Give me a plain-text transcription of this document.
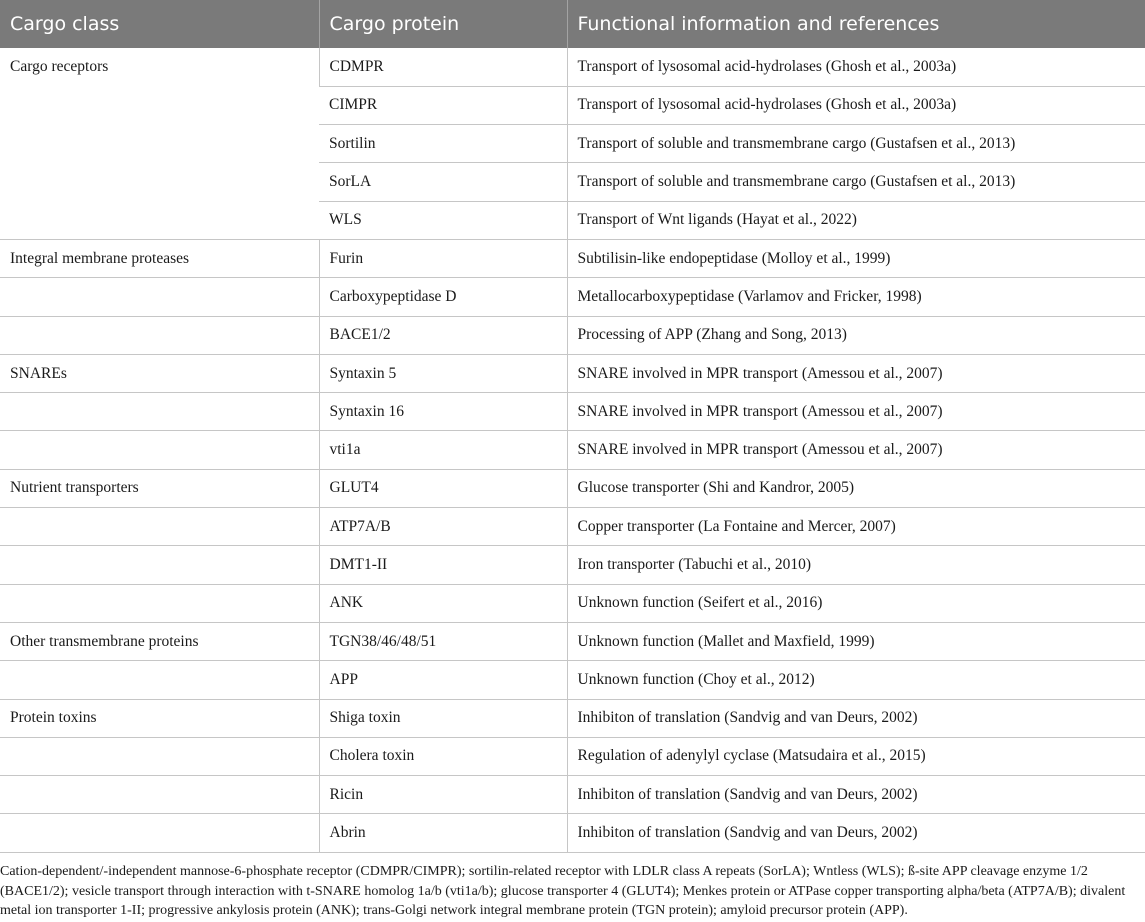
Cargo class	Cargo protein	Functional information and references
Cargo receptors	CDMPR	Transport of lysosomal acid-hydrolases (Ghosh et al., 2003a)
	CIMPR	Transport of lysosomal acid-hydrolases (Ghosh et al., 2003a)
	Sortilin	Transport of soluble and transmembrane cargo (Gustafsen et al., 2013)
	SorLA	Transport of soluble and transmembrane cargo (Gustafsen et al., 2013)
	WLS	Transport of Wnt ligands (Hayat et al., 2022)
Integral membrane proteases	Furin	Subtilisin-like endopeptidase (Molloy et al., 1999)
	Carboxypeptidase D	Metallocarboxypeptidase (Varlamov and Fricker, 1998)
	BACE1/2	Processing of APP (Zhang and Song, 2013)
SNAREs	Syntaxin 5	SNARE involved in MPR transport (Amessou et al., 2007)
	Syntaxin 16	SNARE involved in MPR transport (Amessou et al., 2007)
	vti1a	SNARE involved in MPR transport (Amessou et al., 2007)
Nutrient transporters	GLUT4	Glucose transporter (Shi and Kandror, 2005)
	ATP7A/B	Copper transporter (La Fontaine and Mercer, 2007)
	DMT1-II	Iron transporter (Tabuchi et al., 2010)
	ANK	Unknown function (Seifert et al., 2016)
Other transmembrane proteins	TGN38/46/48/51	Unknown function (Mallet and Maxfield, 1999)
	APP	Unknown function (Choy et al., 2012)
Protein toxins	Shiga toxin	Inhibiton of translation (Sandvig and van Deurs, 2002)
	Cholera toxin	Regulation of adenylyl cyclase (Matsudaira et al., 2015)
	Ricin	Inhibiton of translation (Sandvig and van Deurs, 2002)
	Abrin	Inhibiton of translation (Sandvig and van Deurs, 2002)

Cation-dependent/-independent mannose-6-phosphate receptor (CDMPR/CIMPR); sortilin-related receptor with LDLR class A repeats (SorLA); Wntless (WLS); ß-site APP cleavage enzyme 1/2 (BACE1/2); vesicle transport through interaction with t-SNARE homolog 1a/b (vti1a/b); glucose transporter 4 (GLUT4); Menkes protein or ATPase copper transporting alpha/beta (ATP7A/B); divalent metal ion transporter 1-II; progressive ankylosis protein (ANK); trans-Golgi network integral membrane protein (TGN protein); amyloid precursor protein (APP).
